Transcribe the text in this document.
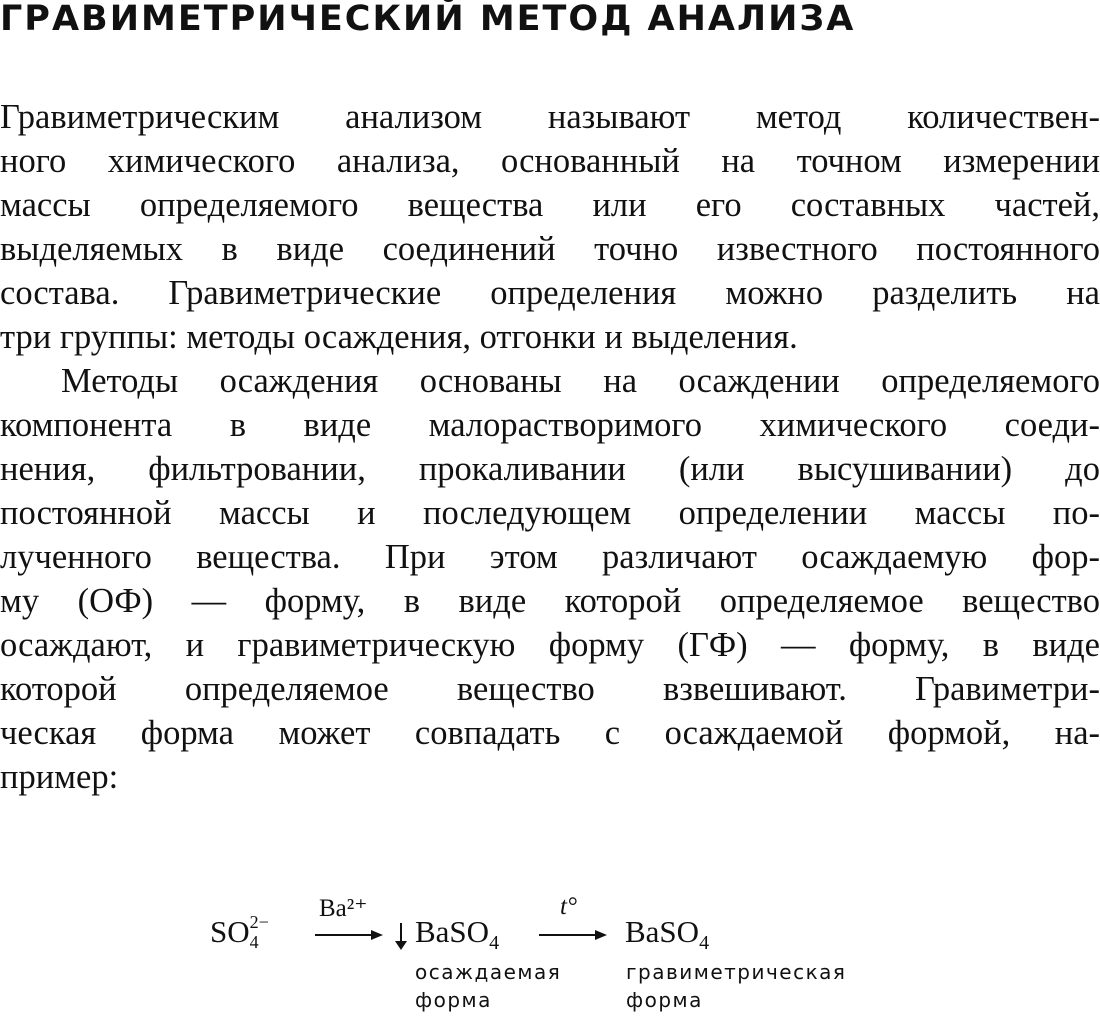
ГРАВИМЕТРИЧЕСКИЙ МЕТОД АНАЛИЗА
Гравиметрическим анализом называют метод количествен-
ного химического анализа, основанный на точном измерении
массы определяемого вещества или его составных частей,
выделяемых в виде соединений точно известного постоянного
состава. Гравиметрические определения можно разделить на
три группы: методы осаждения, отгонки и выделения.
Методы осаждения основаны на осаждении определяемого
компонента в виде малорастворимого химического соеди-
нения, фильтровании, прокаливании (или высушивании) до
постоянной массы и последующем определении массы по-
лученного вещества. При этом различают осаждаемую фор-
му (ОФ) — форму, в виде которой определяемое вещество
осаждают, и гравиметрическую форму (ГФ) — форму, в виде
которой определяемое вещество взвешивают. Гравиметри-
ческая форма может совпадать с осаждаемой формой, на-
пример:
SO 2−
4
Ba²⁺
BaSO$_4$
t°
BaSO$_4$
осаждаемая
форма
гравиметрическая
форма
